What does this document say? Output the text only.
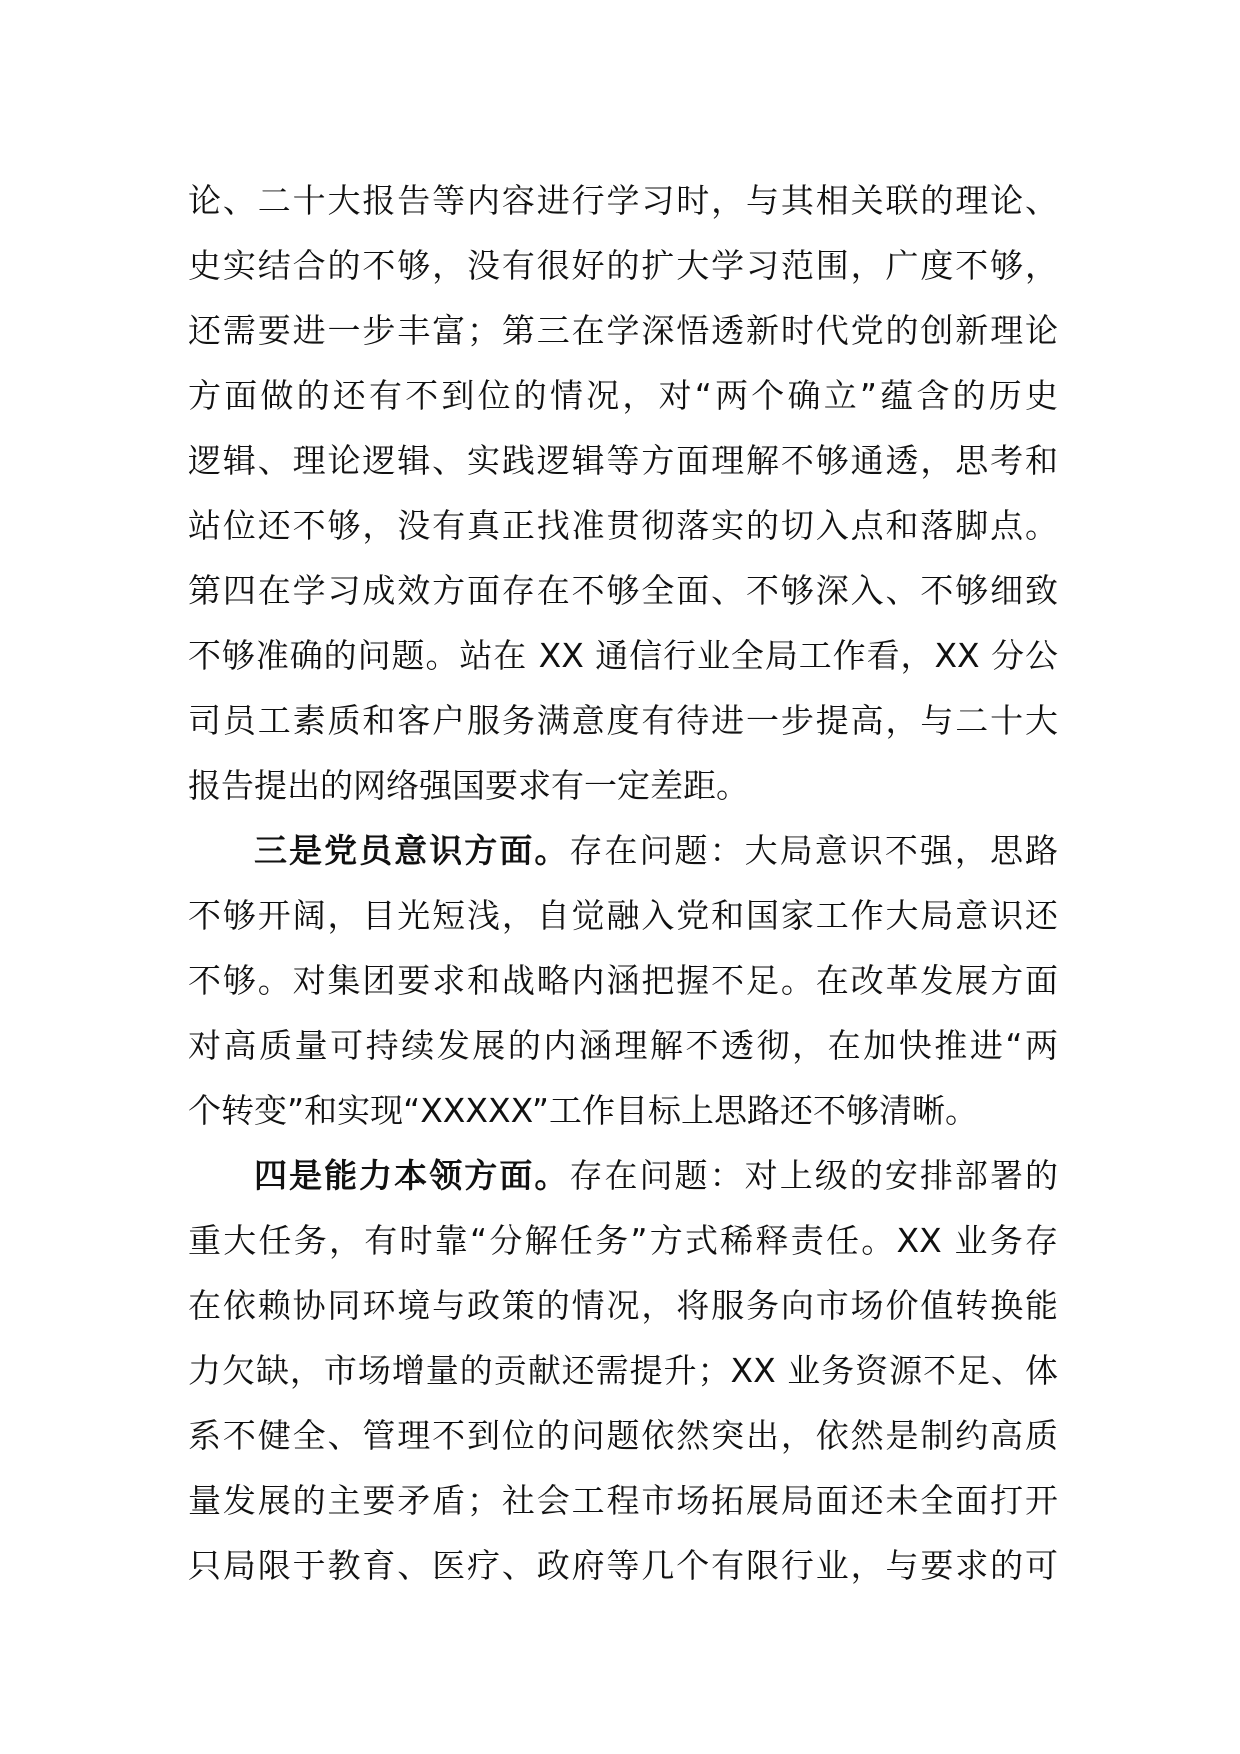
论、二十大报告等内容进行学习时，与其相关联的理论、
史实结合的不够，没有很好的扩大学习范围，广度不够，
还需要进一步丰富；第三在学深悟透新时代党的创新理论
方面做的还有不到位的情况，对“两个确立”蕴含的历史
逻辑、理论逻辑、实践逻辑等方面理解不够通透，思考和
站位还不够，没有真正找准贯彻落实的切入点和落脚点。
第四在学习成效方面存在不够全面、不够深入、不够细致
不够准确的问题。站在 XX 通信行业全局工作看，XX 分公
司员工素质和客户服务满意度有待进一步提高，与二十大
报告提出的网络强国要求有一定差距。
三是党员意识方面。存在问题：大局意识不强，思路
不够开阔，目光短浅，自觉融入党和国家工作大局意识还
不够。对集团要求和战略内涵把握不足。在改革发展方面
对高质量可持续发展的内涵理解不透彻，在加快推进“两
个转变”和实现“XXXXX”工作目标上思路还不够清晰。
四是能力本领方面。存在问题：对上级的安排部署的
重大任务，有时靠“分解任务”方式稀释责任。XX 业务存
在依赖协同环境与政策的情况，将服务向市场价值转换能
力欠缺，市场增量的贡献还需提升；XX 业务资源不足、体
系不健全、管理不到位的问题依然突出，依然是制约高质
量发展的主要矛盾；社会工程市场拓展局面还未全面打开
只局限于教育、医疗、政府等几个有限行业，与要求的可
